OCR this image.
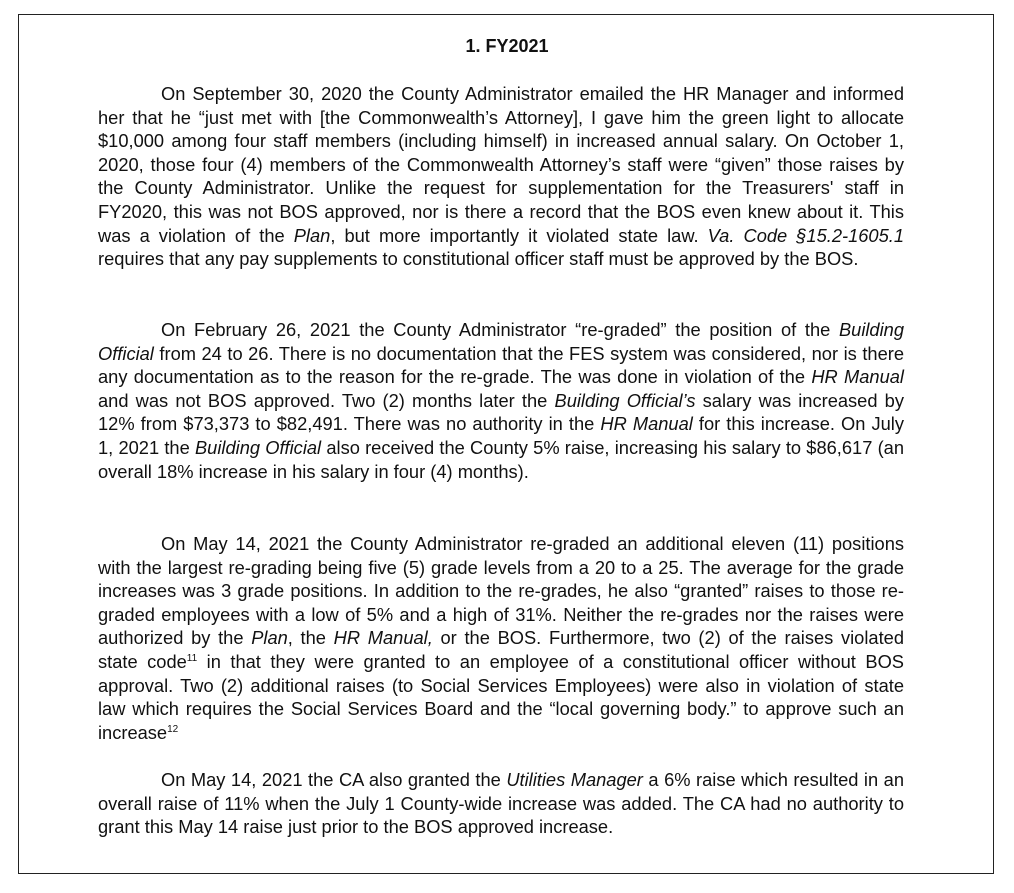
1. FY2021

On September 30, 2020 the County Administrator emailed the HR Manager and informed her that he “just met with [the Commonwealth’s Attorney], I gave him the green light to allocate $10,000 among four staff members (including himself) in increased annual salary. On October 1, 2020, those four (4) members of the Commonwealth Attorney’s staff were “given” those raises by the County Administrator. Unlike the request for supplementation for the Treasurers' staff in FY2020, this was not BOS approved, nor is there a record that the BOS even knew about it. This was a violation of the Plan, but more importantly it violated state law. Va. Code §15.2-1605.1 requires that any pay supplements to constitutional officer staff must be approved by the BOS.

On February 26, 2021 the County Administrator “re-graded” the position of the Building Official from 24 to 26. There is no documentation that the FES system was considered, nor is there any documentation as to the reason for the re-grade. The was done in violation of the HR Manual and was not BOS approved. Two (2) months later the Building Official’s salary was increased by 12% from $73,373 to $82,491. There was no authority in the HR Manual for this increase. On July 1, 2021 the Building Official also received the County 5% raise, increasing his salary to $86,617 (an overall 18% increase in his salary in four (4) months).

On May 14, 2021 the County Administrator re-graded an additional eleven (11) positions with the largest re-grading being five (5) grade levels from a 20 to a 25. The average for the grade increases was 3 grade positions. In addition to the re-grades, he also “granted” raises to those re-graded employees with a low of 5% and a high of 31%. Neither the re-grades nor the raises were authorized by the Plan, the HR Manual, or the BOS. Furthermore, two (2) of the raises violated state code$^{11}$ in that they were granted to an employee of a constitutional officer without BOS approval. Two (2) additional raises (to Social Services Employees) were also in violation of state law which requires the Social Services Board and the “local governing body.” to approve such an increase$^{12}$

On May 14, 2021 the CA also granted the Utilities Manager a 6% raise which resulted in an overall raise of 11% when the July 1 County-wide increase was added. The CA had no authority to grant this May 14 raise just prior to the BOS approved increase.
